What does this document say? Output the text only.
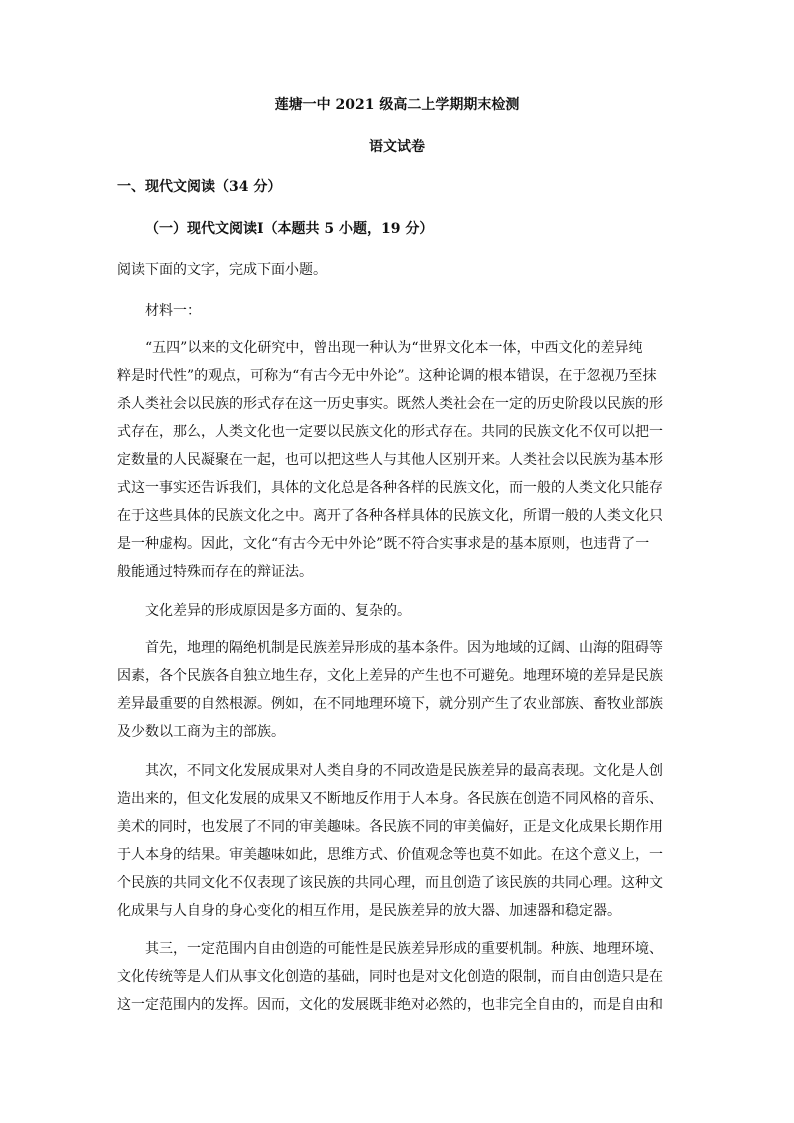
莲塘一中 2021 级高二上学期期末检测
语文试卷
一、现代文阅读（34 分）
（一）现代文阅读Ⅰ（本题共 5 小题，19 分）
阅读下面的文字，完成下面小题。
材料一：
“五四”以来的文化研究中，曾出现一种认为“世界文化本一体，中西文化的差异纯
粹是时代性”的观点，可称为“有古今无中外论”。这种论调的根本错误，在于忽视乃至抹
杀人类社会以民族的形式存在这一历史事实。既然人类社会在一定的历史阶段以民族的形
式存在，那么，人类文化也一定要以民族文化的形式存在。共同的民族文化不仅可以把一
定数量的人民凝聚在一起，也可以把这些人与其他人区别开来。人类社会以民族为基本形
式这一事实还告诉我们，具体的文化总是各种各样的民族文化，而一般的人类文化只能存
在于这些具体的民族文化之中。离开了各种各样具体的民族文化，所谓一般的人类文化只
是一种虚构。因此，文化“有古今无中外论”既不符合实事求是的基本原则，也违背了一
般能通过特殊而存在的辩证法。
文化差异的形成原因是多方面的、复杂的。
首先，地理的隔绝机制是民族差异形成的基本条件。因为地域的辽阔、山海的阻碍等
因素，各个民族各自独立地生存，文化上差异的产生也不可避免。地理环境的差异是民族
差异最重要的自然根源。例如，在不同地理环境下，就分别产生了农业部族、畜牧业部族
及少数以工商为主的部族。
其次，不同文化发展成果对人类自身的不同改造是民族差异的最高表现。文化是人创
造出来的，但文化发展的成果又不断地反作用于人本身。各民族在创造不同风格的音乐、
美术的同时，也发展了不同的审美趣味。各民族不同的审美偏好，正是文化成果长期作用
于人本身的结果。审美趣味如此，思维方式、价值观念等也莫不如此。在这个意义上，一
个民族的共同文化不仅表现了该民族的共同心理，而且创造了该民族的共同心理。这种文
化成果与人自身的身心变化的相互作用，是民族差异的放大器、加速器和稳定器。
其三，一定范围内自由创造的可能性是民族差异形成的重要机制。种族、地理环境、
文化传统等是人们从事文化创造的基础，同时也是对文化创造的限制，而自由创造只是在
这一定范围内的发挥。因而，文化的发展既非绝对必然的，也非完全自由的，而是自由和
